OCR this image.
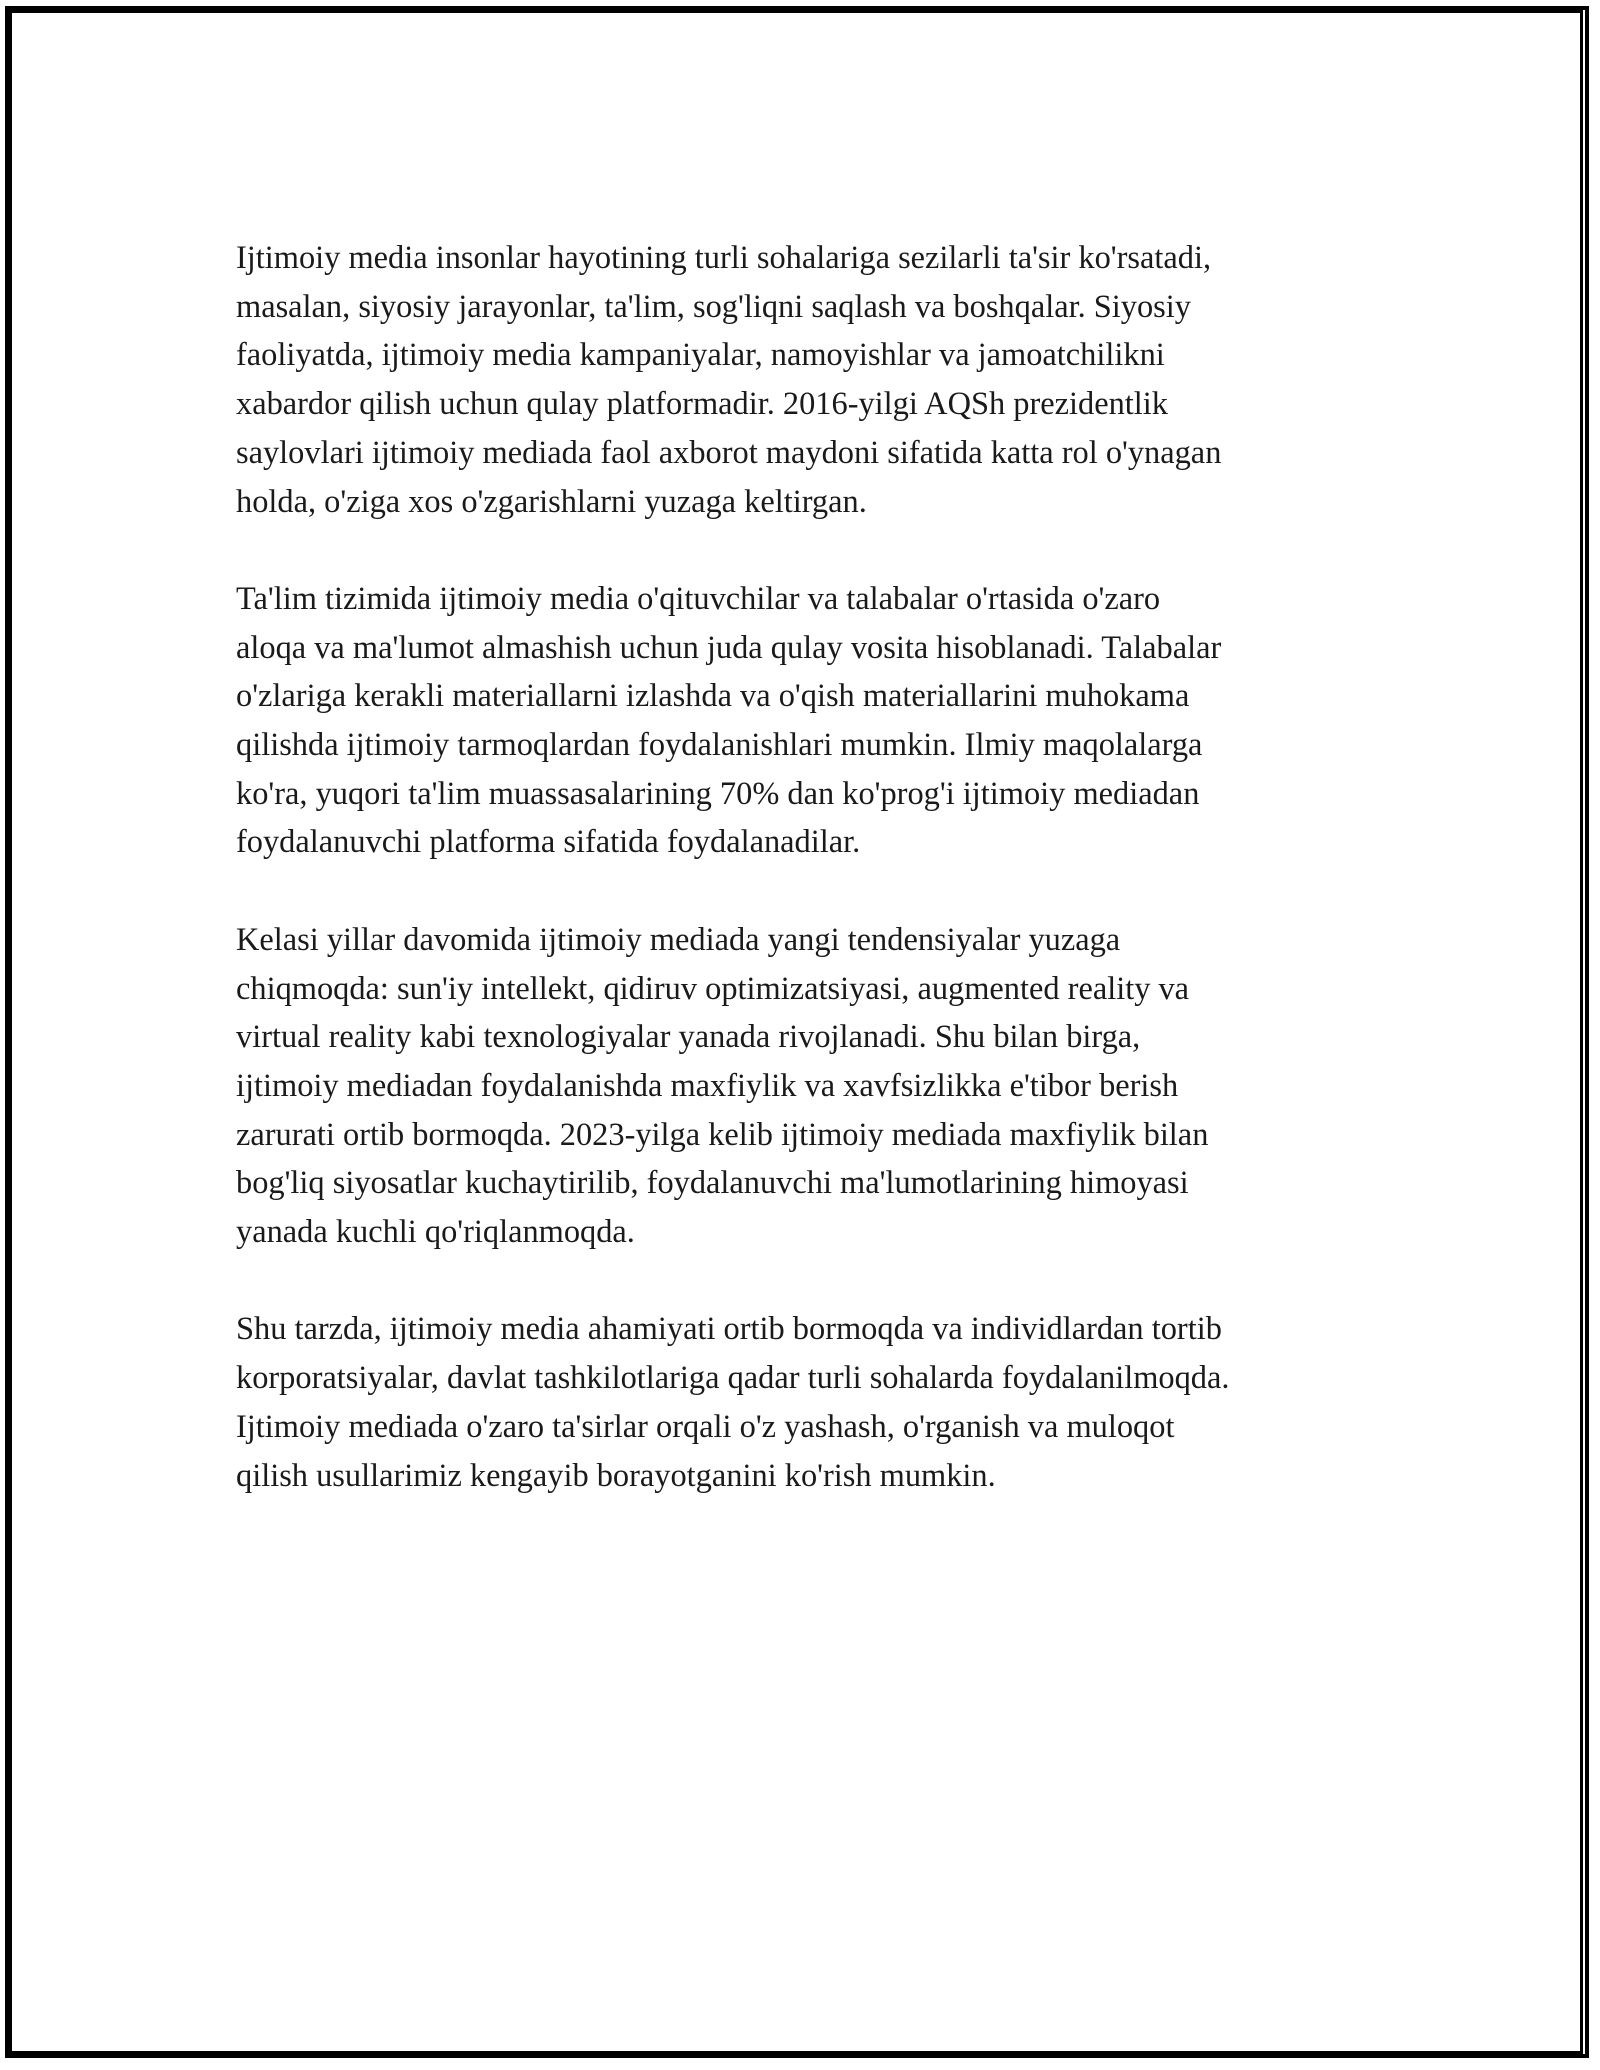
Ijtimoiy media insonlar hayotining turli sohalariga sezilarli ta'sir ko'rsatadi,
masalan, siyosiy jarayonlar, ta'lim, sog'liqni saqlash va boshqalar. Siyosiy
faoliyatda, ijtimoiy media kampaniyalar, namoyishlar va jamoatchilikni
xabardor qilish uchun qulay platformadir. 2016-yilgi AQSh prezidentlik
saylovlari ijtimoiy mediada faol axborot maydoni sifatida katta rol o'ynagan
holda, o'ziga xos o'zgarishlarni yuzaga keltirgan.

Ta'lim tizimida ijtimoiy media o'qituvchilar va talabalar o'rtasida o'zaro
aloqa va ma'lumot almashish uchun juda qulay vosita hisoblanadi. Talabalar
o'zlariga kerakli materiallarni izlashda va o'qish materiallarini muhokama
qilishda ijtimoiy tarmoqlardan foydalanishlari mumkin. Ilmiy maqolalarga
ko'ra, yuqori ta'lim muassasalarining 70% dan ko'prog'i ijtimoiy mediadan
foydalanuvchi platforma sifatida foydalanadilar.

Kelasi yillar davomida ijtimoiy mediada yangi tendensiyalar yuzaga
chiqmoqda: sun'iy intellekt, qidiruv optimizatsiyasi, augmented reality va
virtual reality kabi texnologiyalar yanada rivojlanadi. Shu bilan birga,
ijtimoiy mediadan foydalanishda maxfiylik va xavfsizlikka e'tibor berish
zarurati ortib bormoqda. 2023-yilga kelib ijtimoiy mediada maxfiylik bilan
bog'liq siyosatlar kuchaytirilib, foydalanuvchi ma'lumotlarining himoyasi
yanada kuchli qo'riqlanmoqda.

Shu tarzda, ijtimoiy media ahamiyati ortib bormoqda va individlardan tortib
korporatsiyalar, davlat tashkilotlariga qadar turli sohalarda foydalanilmoqda.
Ijtimoiy mediada o'zaro ta'sirlar orqali o'z yashash, o'rganish va muloqot
qilish usullarimiz kengayib borayotganini ko'rish mumkin.
